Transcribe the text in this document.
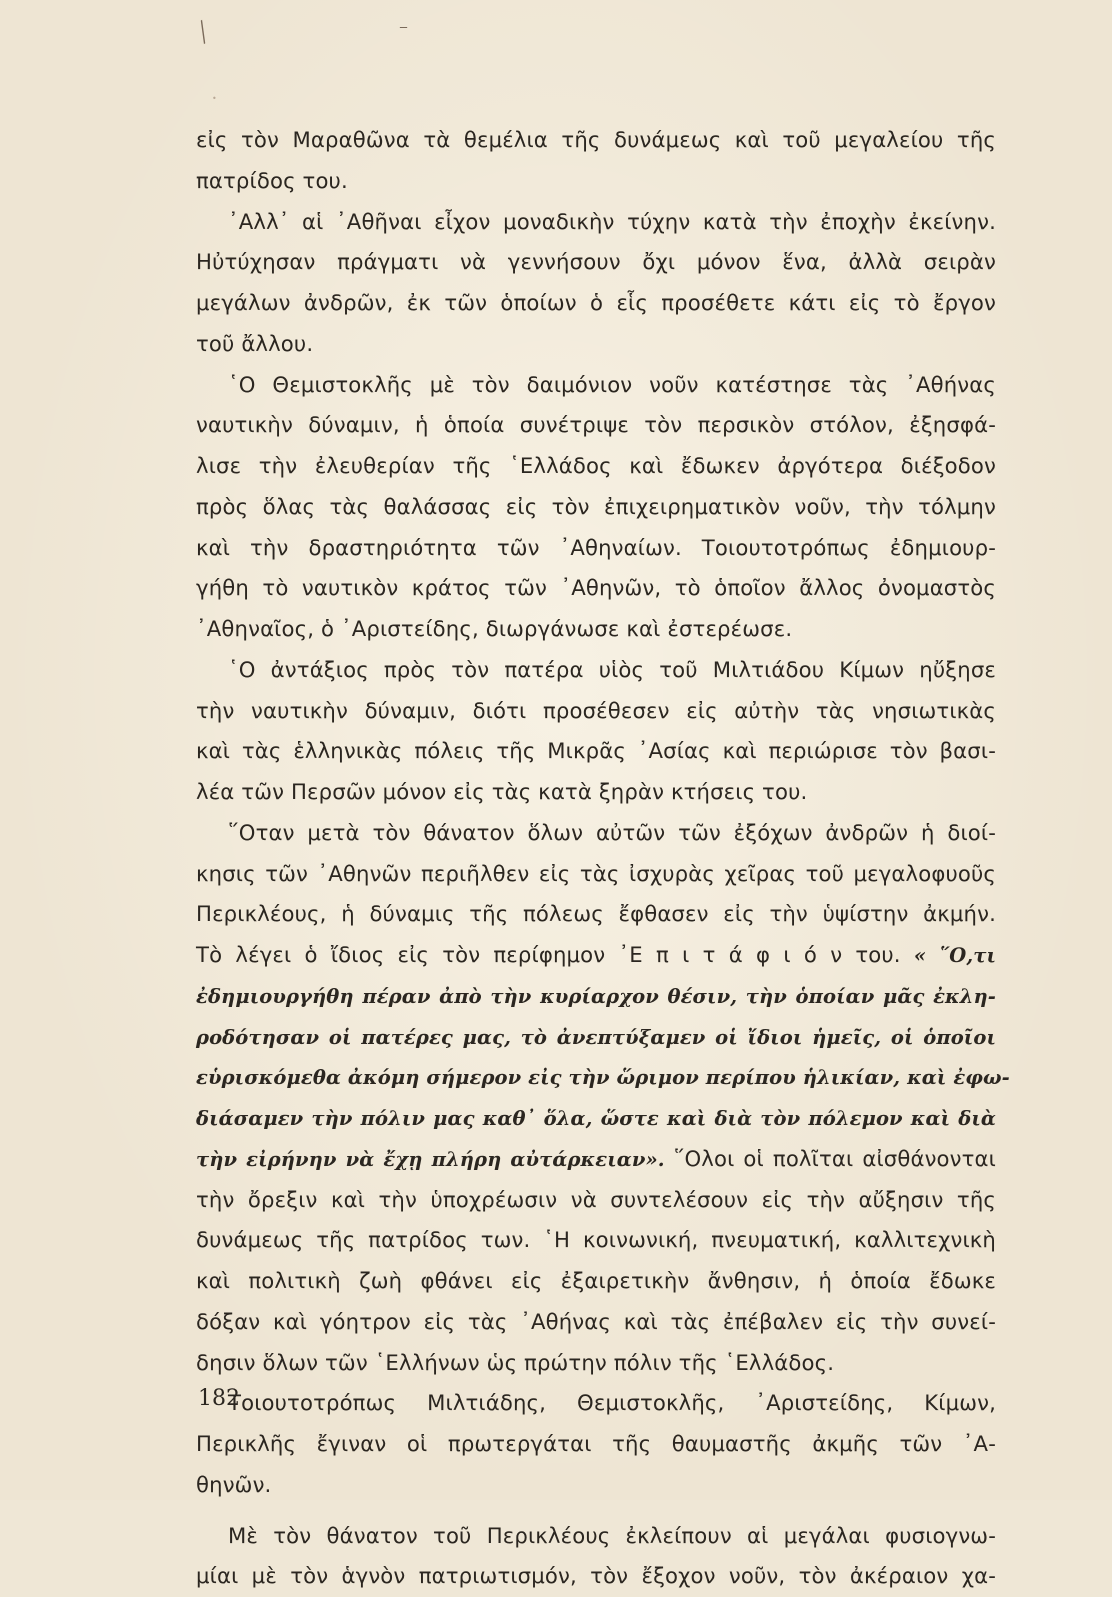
╱	‾
•
εἰς τὸν Μαραθῶνα τὰ θεμέλια τῆς δυνάμεως καὶ τοῦ μεγαλείου τῆς
πατρίδος του.
᾿Αλλ᾿ αἱ ᾿Αθῆναι εἶχον μοναδικὴν τύχην κατὰ τὴν ἐποχὴν ἐκείνην.
Ηὐτύχησαν πράγματι νὰ γεννήσουν ὄχι μόνον ἕνα, ἀλλὰ σειρὰν
μεγάλων ἀνδρῶν, ἐκ τῶν ὁποίων ὁ εἷς προσέθετε κάτι εἰς τὸ ἔργον
τοῦ ἄλλου.
῾Ο Θεμιστοκλῆς μὲ τὸν δαιμόνιον νοῦν κατέστησε τὰς ᾿Αθήνας
ναυτικὴν δύναμιν, ἡ ὁποία συνέτριψε τὸν περσικὸν στόλον, ἐξησφά-
λισε τὴν ἐλευθερίαν τῆς ῾Ελλάδος καὶ ἔδωκεν ἀργότερα διέξοδον
πρὸς ὅλας τὰς θαλάσσας εἰς τὸν ἐπιχειρηματικὸν νοῦν, τὴν τόλμην
καὶ τὴν δραστηριότητα τῶν ᾿Αθηναίων. Τοιουτοτρόπως ἐδημιουρ-
γήθη τὸ ναυτικὸν κράτος τῶν ᾿Αθηνῶν, τὸ ὁποῖον ἄλλος ὀνομαστὸς
᾿Αθηναῖος, ὁ ᾿Αριστείδης, διωργάνωσε καὶ ἐστερέωσε.
῾Ο ἀντάξιος πρὸς τὸν πατέρα υἱὸς τοῦ Μιλτιάδου Κίμων ηὔξησε
τὴν ναυτικὴν δύναμιν, διότι προσέθεσεν εἰς αὐτὴν τὰς νησιωτικὰς
καὶ τὰς ἑλληνικὰς πόλεις τῆς Μικρᾶς ᾿Ασίας καὶ περιώρισε τὸν βασι-
λέα τῶν Περσῶν μόνον εἰς τὰς κατὰ ξηρὰν κτήσεις του.
῞Οταν μετὰ τὸν θάνατον ὅλων αὐτῶν τῶν ἐξόχων ἀνδρῶν ἡ διοί-
κησις τῶν ᾿Αθηνῶν περιῆλθεν εἰς τὰς ἰσχυρὰς χεῖρας τοῦ μεγαλοφυοῦς
Περικλέους, ἡ δύναμις τῆς πόλεως ἔφθασεν εἰς τὴν ὑψίστην ἀκμήν.
Τὸ λέγει ὁ ἴδιος εἰς τὸν περίφημον ᾿Ε π ι τ ά φ ι ό ν του. « ῞Ο,τι
ἐδημιουργήθη πέραν ἀπὸ τὴν κυρίαρχον θέσιν, τὴν ὁποίαν μᾶς ἐκλη-
ροδότησαν οἱ πατέρες μας, τὸ ἀνεπτύξαμεν οἱ ἴδιοι ἡμεῖς, οἱ ὁποῖοι
εὑρισκόμεθα ἀκόμη σήμερον εἰς τὴν ὥριμον περίπου ἡλικίαν, καὶ ἐφω-
διάσαμεν τὴν πόλιν μας καθ᾿ ὅλα, ὥστε καὶ διὰ τὸν πόλεμον καὶ διὰ
τὴν εἰρήνην νὰ ἔχῃ πλήρη αὐτάρκειαν». ῞Ολοι οἱ πολῖται αἰσθάνονται
τὴν ὄρεξιν καὶ τὴν ὑποχρέωσιν νὰ συντελέσουν εἰς τὴν αὔξησιν τῆς
δυνάμεως τῆς πατρίδος των. ῾Η κοινωνική, πνευματική, καλλιτεχνικὴ
καὶ πολιτικὴ ζωὴ φθάνει εἰς ἐξαιρετικὴν ἄνθησιν, ἡ ὁποία ἔδωκε
δόξαν καὶ γόητρον εἰς τὰς ᾿Αθήνας καὶ τὰς ἐπέβαλεν εἰς τὴν συνεί-
δησιν ὅλων τῶν ῾Ελλήνων ὡς πρώτην πόλιν τῆς ῾Ελλάδος.
Τοιουτοτρόπως Μιλτιάδης, Θεμιστοκλῆς, ᾿Αριστείδης, Κίμων,
Περικλῆς ἔγιναν οἱ πρωτεργάται τῆς θαυμαστῆς ἀκμῆς τῶν ᾿Α-
θηνῶν.
Μὲ τὸν θάνατον τοῦ Περικλέους ἐκλείπουν αἱ μεγάλαι φυσιογνω-
μίαι μὲ τὸν ἁγνὸν πατριωτισμόν, τὸν ἔξοχον νοῦν, τὸν ἀκέραιον χα-
182
